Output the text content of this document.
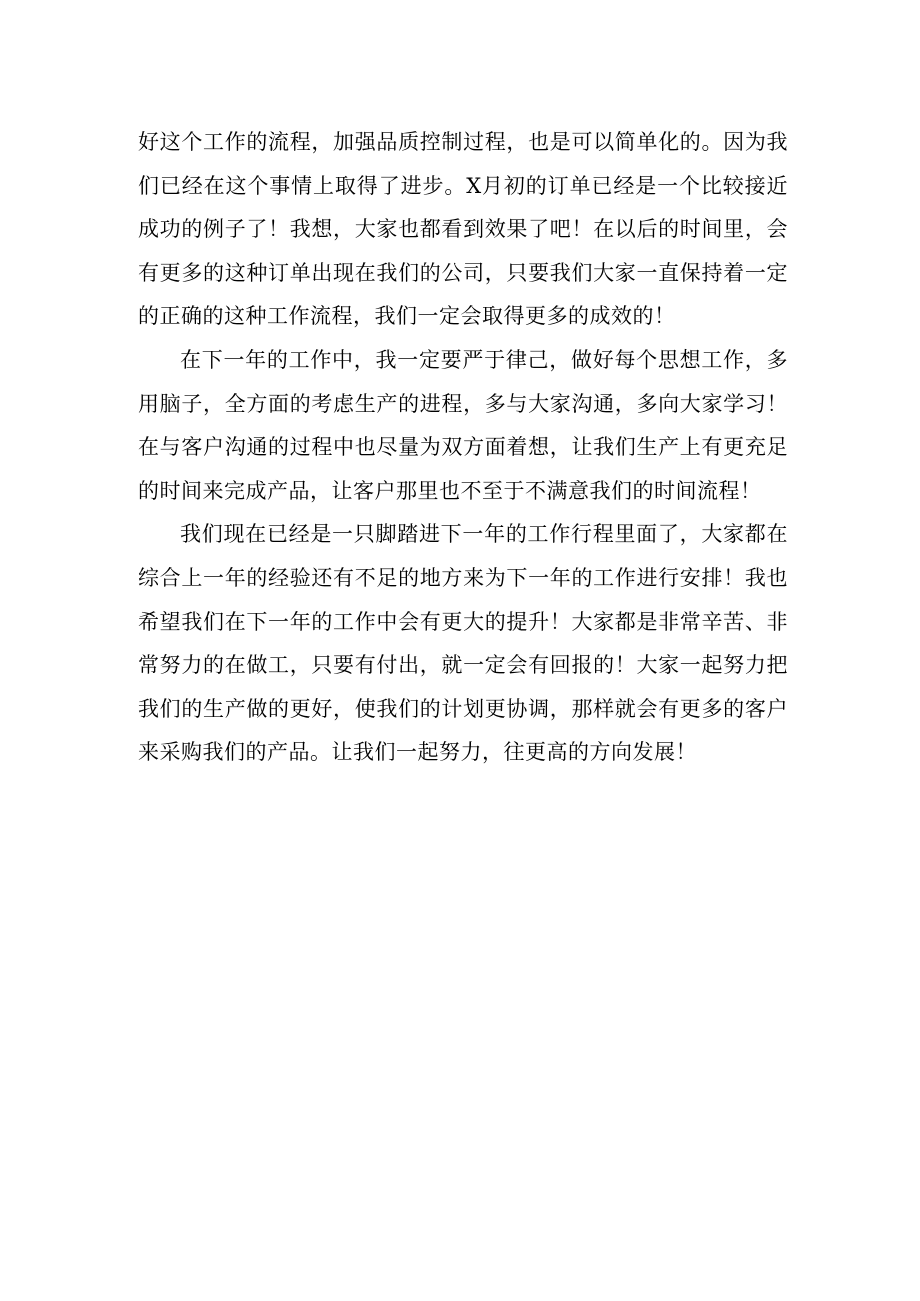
好这个工作的流程，加强品质控制过程，也是可以简单化的。因为我们已经在这个事情上取得了进步。X月初的订单已经是一个比较接近成功的例子了！我想，大家也都看到效果了吧！在以后的时间里，会有更多的这种订单出现在我们的公司，只要我们大家一直保持着一定的正确的这种工作流程，我们一定会取得更多的成效的！

在下一年的工作中，我一定要严于律己，做好每个思想工作，多用脑子，全方面的考虑生产的进程，多与大家沟通，多向大家学习！在与客户沟通的过程中也尽量为双方面着想，让我们生产上有更充足的时间来完成产品，让客户那里也不至于不满意我们的时间流程！

我们现在已经是一只脚踏进下一年的工作行程里面了，大家都在综合上一年的经验还有不足的地方来为下一年的工作进行安排！我也希望我们在下一年的工作中会有更大的提升！大家都是非常辛苦、非常努力的在做工，只要有付出，就一定会有回报的！大家一起努力把我们的生产做的更好，使我们的计划更协调，那样就会有更多的客户来采购我们的产品。让我们一起努力，往更高的方向发展！
